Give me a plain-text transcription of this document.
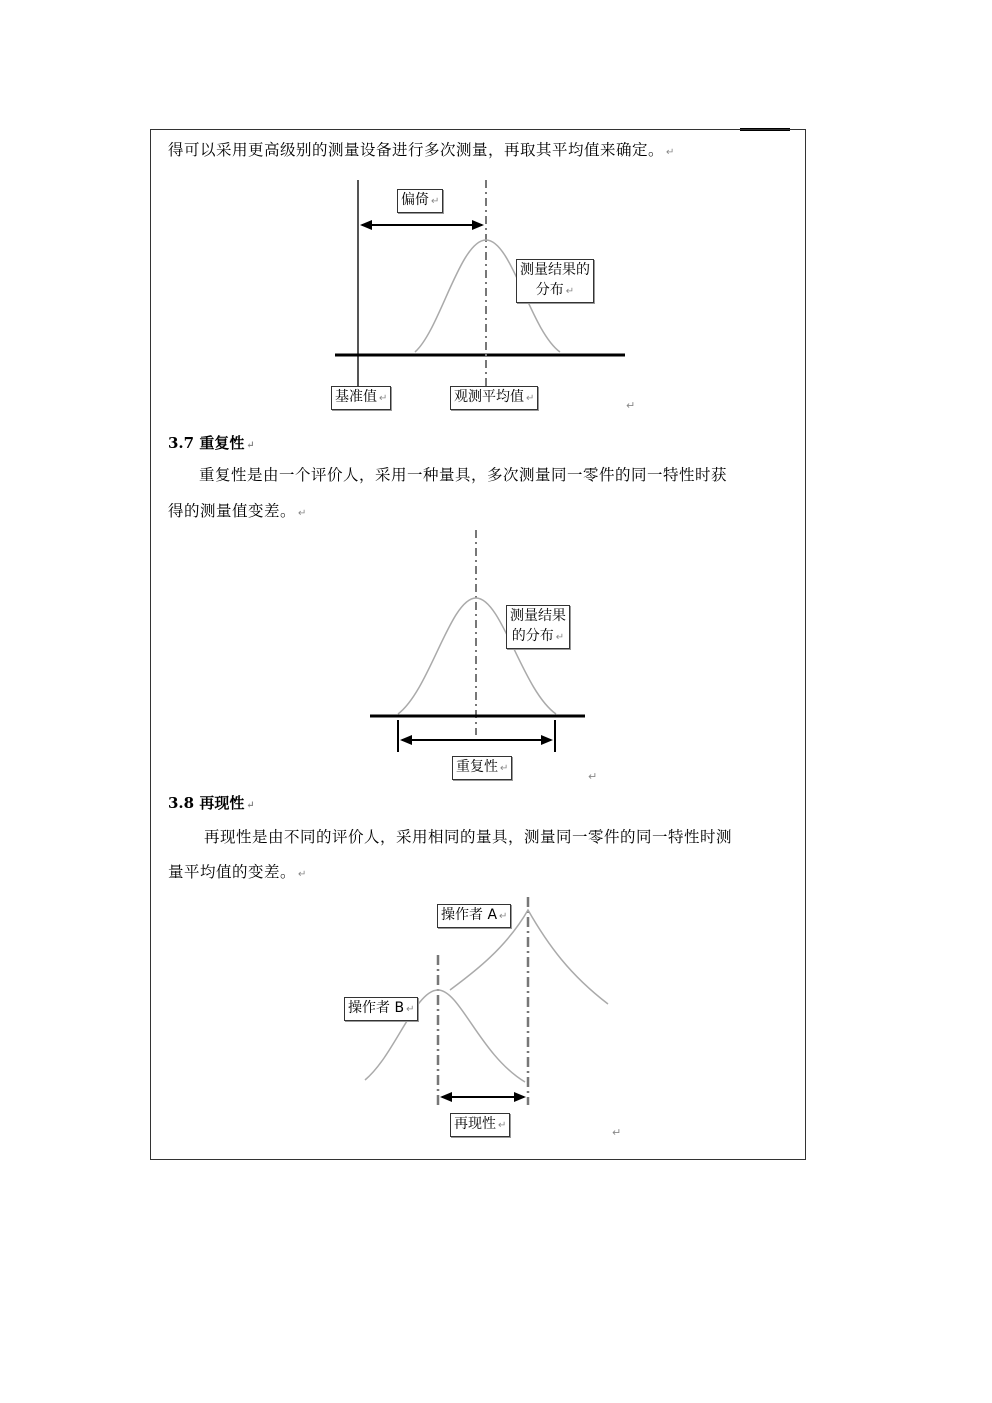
得可以采用更高级别的测量设备进行多次测量，再取其平均值来确定。 ↵
偏倚 ↵
测量结果的
分布 ↵
基准值 ↵	观测平均值 ↵
↵
3.7 重复性 ↵
重复性是由一个评价人，采用一种量具，多次测量同一零件的同一特性时获
得的测量值变差。 ↵
测量结果
的分布 ↵
重复性 ↵
↵
3.8 再现性 ↵
再现性是由不同的评价人，采用相同的量具，测量同一零件的同一特性时测
量平均值的变差。 ↵
操作者 A ↵
操作者 B ↵
再现性 ↵
↵
